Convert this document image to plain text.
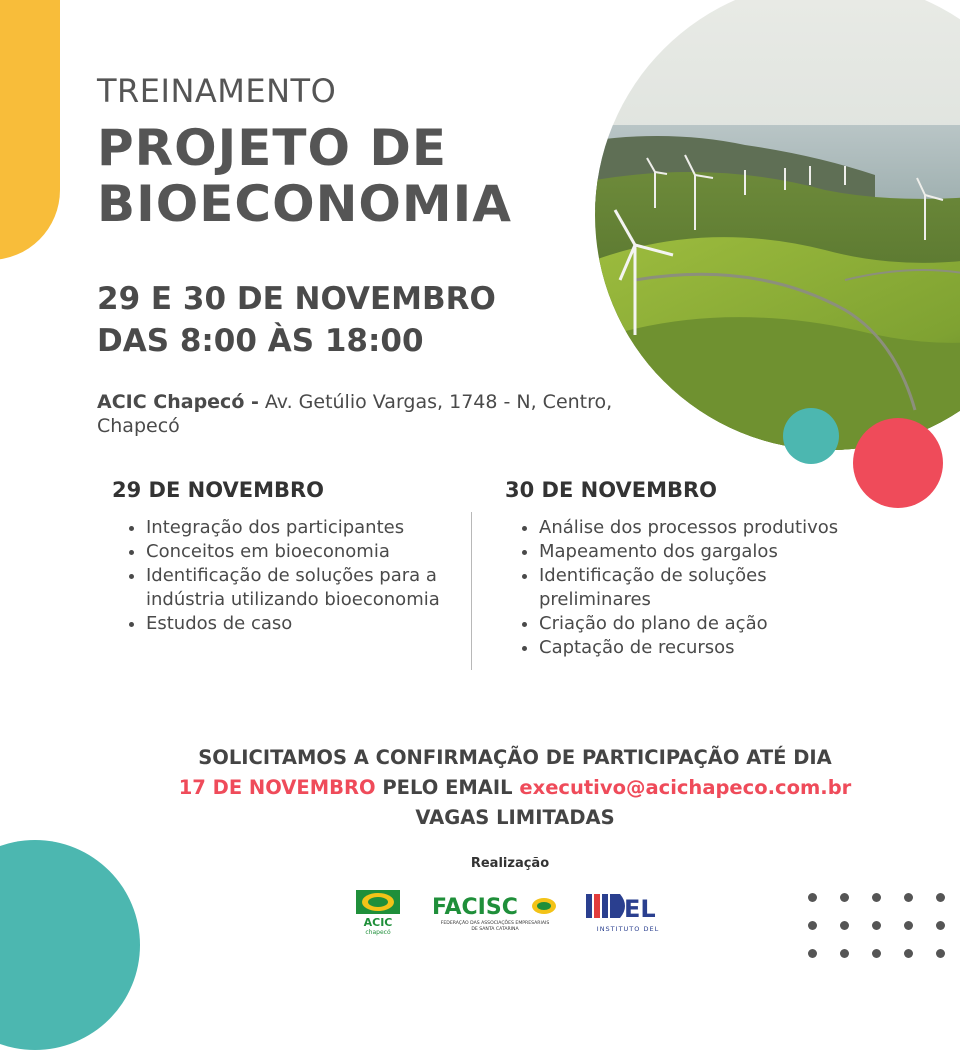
TREINAMENTO
PROJETO DE
BIOECONOMIA
29 E 30 DE NOVEMBRO
DAS 8:00 ÀS 18:00
ACIC Chapecó - Av. Getúlio Vargas, 1748 - N, Centro, Chapecó
29 DE NOVEMBRO
• Integração dos participantes
• Conceitos em bioeconomia
• Identificação de soluções para a indústria utilizando bioeconomia
• Estudos de caso
30 DE NOVEMBRO
• Análise dos processos produtivos
• Mapeamento dos gargalos
• Identificação de soluções preliminares
• Criação do plano de ação
• Captação de recursos
SOLICITAMOS A CONFIRMAÇÃO DE PARTICIPAÇÃO ATÉ DIA
17 DE NOVEMBRO PELO EMAIL executivo@acichapeco.com.br
VAGAS LIMITADAS
Realização
ACIC
chapecó
FACISC
FEDERAÇÃO DAS ASSOCIAÇÕES EMPRESARIAIS
DE SANTA CATARINA
EL
INSTITUTO DEL
